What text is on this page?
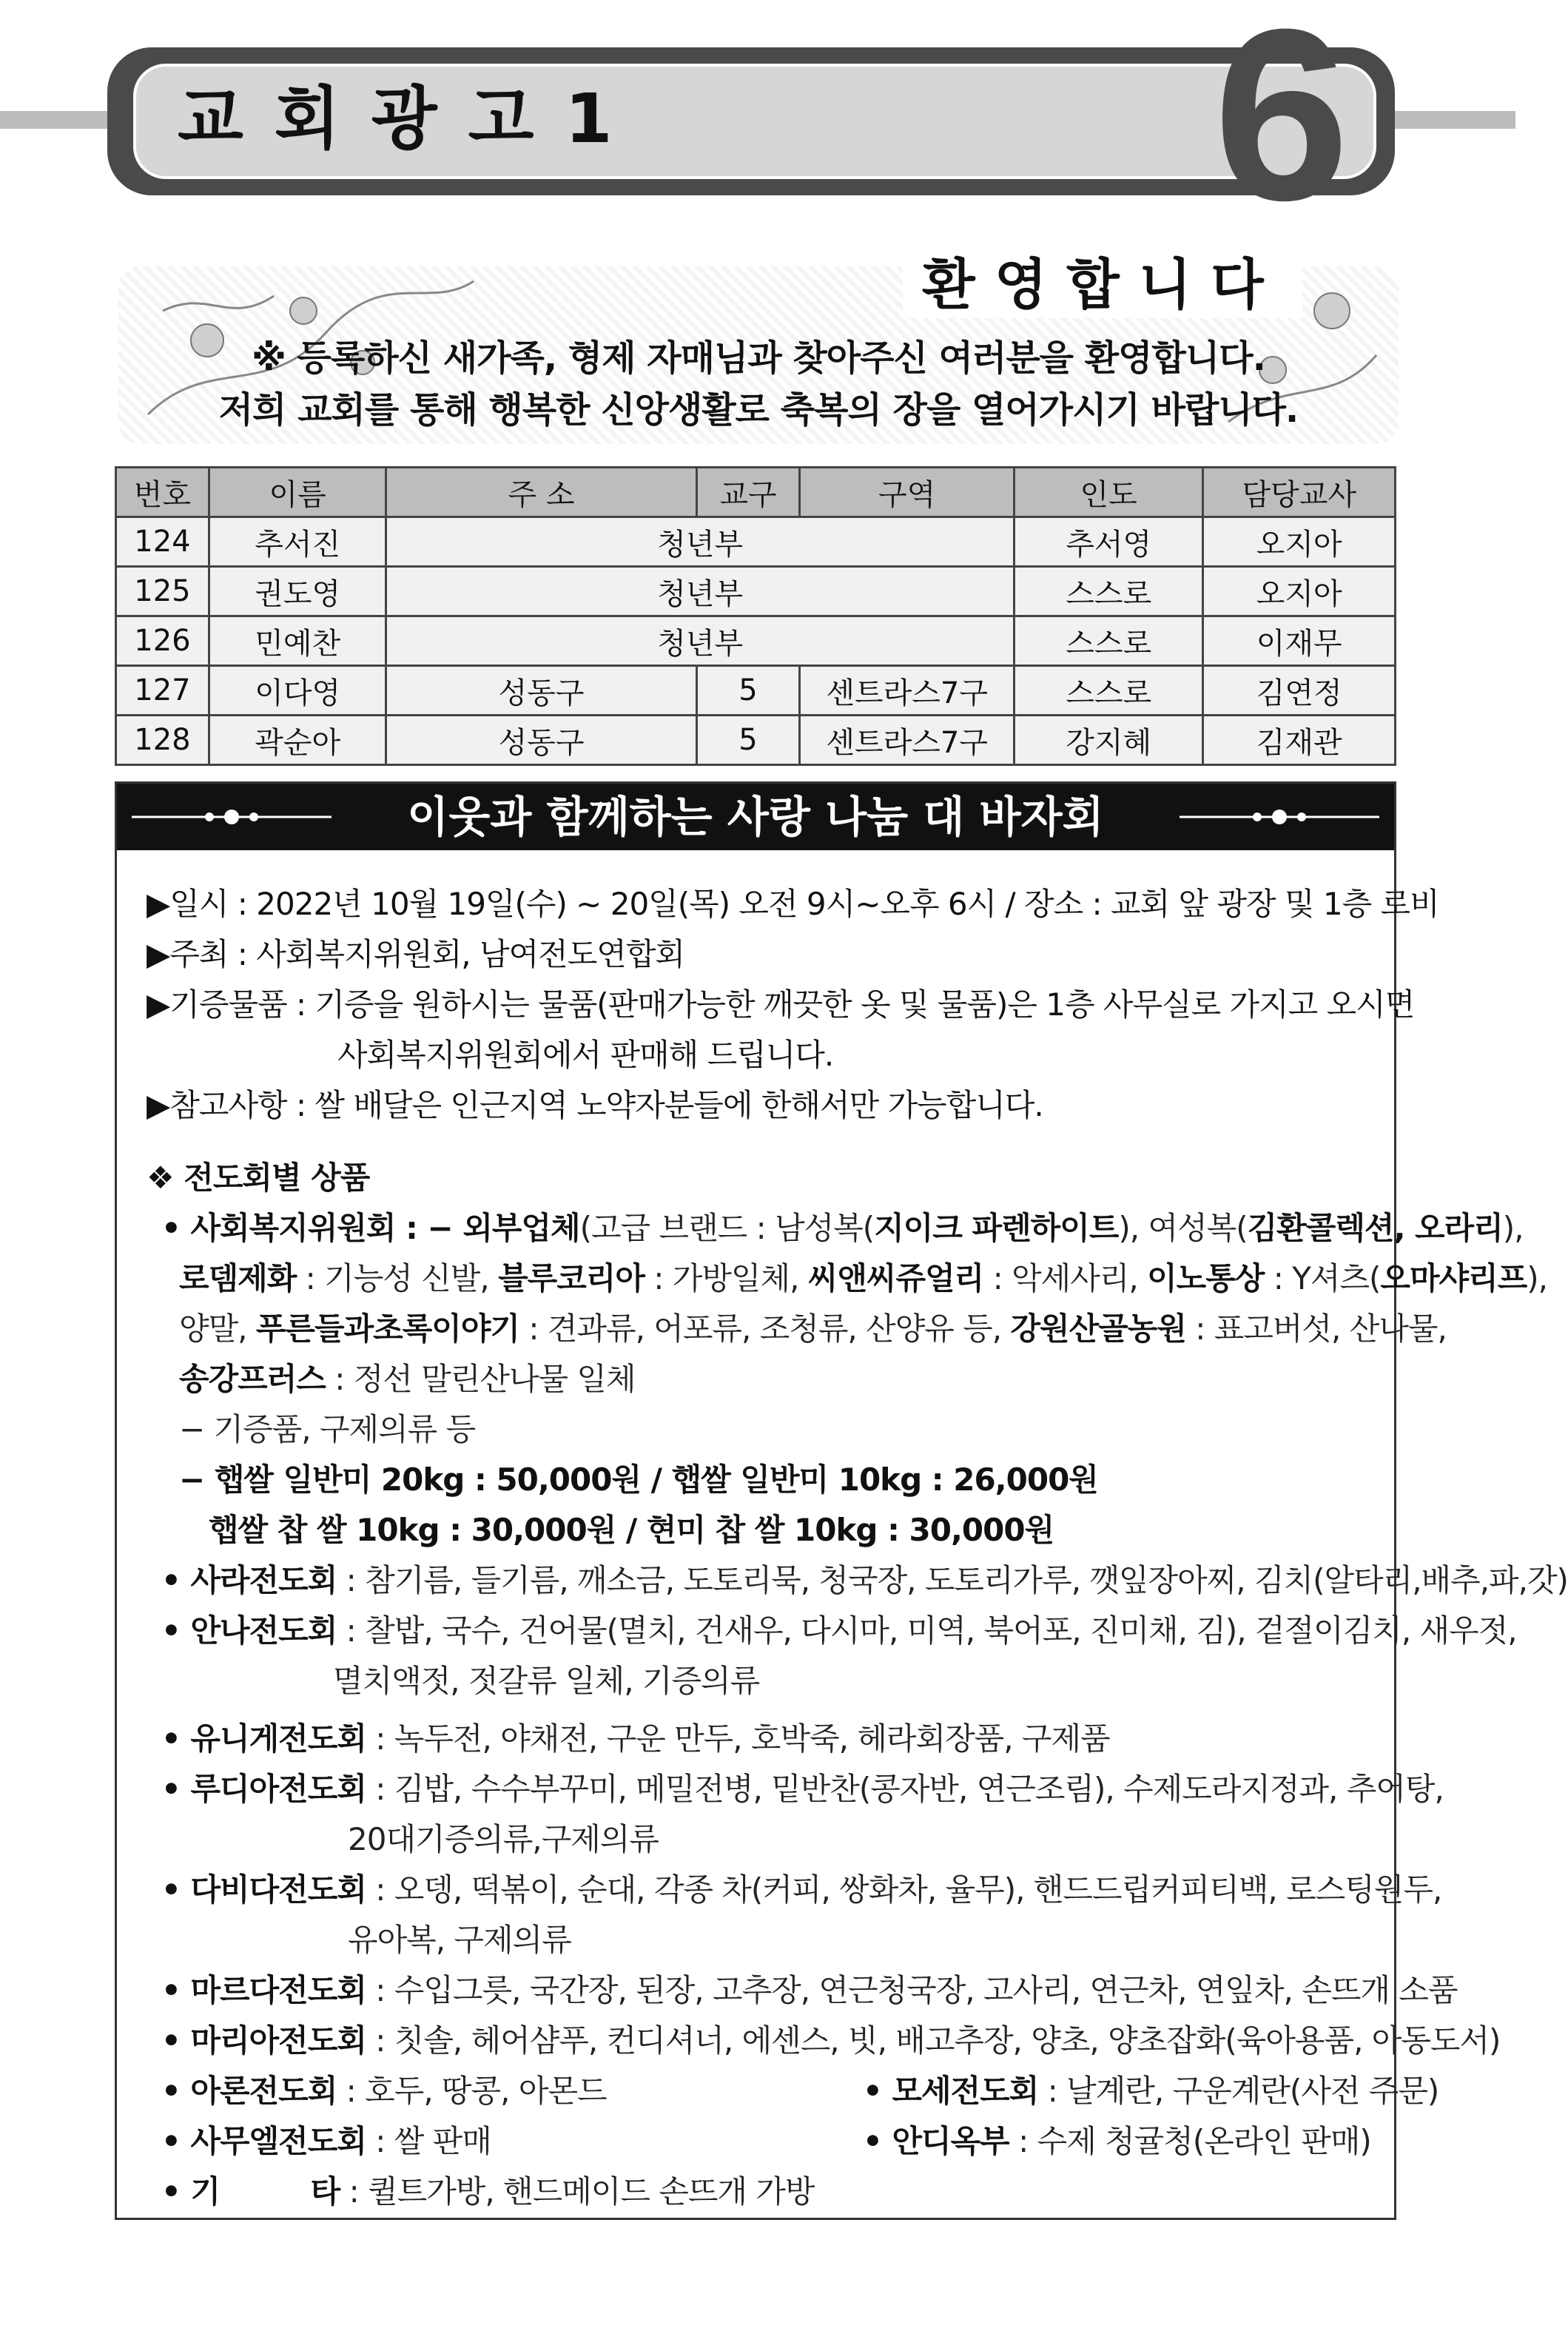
교회광고1 6
환영합니다
※ 등록하신 새가족, 형제 자매님과 찾아주신 여러분을 환영합니다.
저희 교회를 통해 행복한 신앙생활로 축복의 장을 열어가시기 바랍니다.
번호	이름	주 소	교구	구역	인도	담당교사
124	추서진	청년부			추서영	오지아
125	권도영	청년부			스스로	오지아
126	민예찬	청년부			스스로	이재무
127	이다영	성동구	5	센트라스7구	스스로	김연정
128	곽순아	성동구	5	센트라스7구	강지혜	김재관
이웃과 함께하는 사랑 나눔 대 바자회
▶일시 : 2022년 10월 19일(수) ~ 20일(목) 오전 9시~오후 6시 / 장소 : 교회 앞 광장 및 1층 로비
▶주최 : 사회복지위원회, 남여전도연합회
▶기증물품 : 기증을 원하시는 물품(판매가능한 깨끗한 옷 및 물품)은 1층 사무실로 가지고 오시면
사회복지위원회에서 판매해 드립니다.
▶참고사항 : 쌀 배달은 인근지역 노약자분들에 한해서만 가능합니다.
❖ 전도회별 상품
• 사회복지위원회 : − 외부업체(고급 브랜드 : 남성복(지이크 파렌하이트), 여성복(김환콜렉션, 오라리),
로뎀제화 : 기능성 신발, 블루코리아 : 가방일체, 씨앤씨쥬얼리 : 악세사리, 이노통상 : Y셔츠(오마샤리프),
양말, 푸른들과초록이야기 : 견과류, 어포류, 조청류, 산양유 등, 강원산골농원 : 표고버섯, 산나물,
송강프러스 : 정선 말린산나물 일체
− 기증품, 구제의류 등
− 햅쌀 일반미 20kg : 50,000원 / 햅쌀 일반미 10kg : 26,000원
햅쌀 찹 쌀 10kg : 30,000원 / 현미 찹 쌀 10kg : 30,000원
• 사라전도회 : 참기름, 들기름, 깨소금, 도토리묵, 청국장, 도토리가루, 깻잎장아찌, 김치(알타리,배추,파,갓)
• 안나전도회 : 찰밥, 국수, 건어물(멸치, 건새우, 다시마, 미역, 북어포, 진미채, 김), 겉절이김치, 새우젓,
멸치액젓, 젓갈류 일체, 기증의류
• 유니게전도회 : 녹두전, 야채전, 구운 만두, 호박죽, 헤라회장품, 구제품
• 루디아전도회 : 김밥, 수수부꾸미, 메밀전병, 밑반찬(콩자반, 연근조림), 수제도라지정과, 추어탕,
20대기증의류,구제의류
• 다비다전도회 : 오뎅, 떡볶이, 순대, 각종 차(커피, 쌍화차, 율무), 핸드드립커피티백, 로스팅원두,
유아복, 구제의류
• 마르다전도회 : 수입그릇, 국간장, 된장, 고추장, 연근청국장, 고사리, 연근차, 연잎차, 손뜨개 소품
• 마리아전도회 : 칫솔, 헤어샴푸, 컨디셔너, 에센스, 빗, 배고추장, 양초, 양초잡화(육아용품, 아동도서)
• 아론전도회 : 호두, 땅콩, 아몬드	• 모세전도회 : 날계란, 구운계란(사전 주문)
• 사무엘전도회 : 쌀 판매	• 안디옥부 : 수제 청귤청(온라인 판매)
• 기         타 : 퀼트가방, 핸드메이드 손뜨개 가방
